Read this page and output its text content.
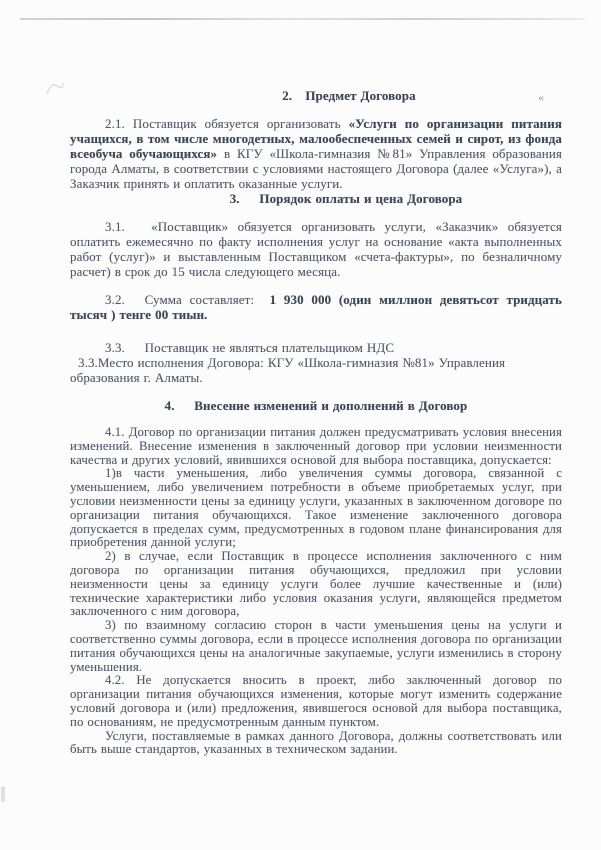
«
2. Предмет Договора

2.1. Поставщик обязуется организовать «Услуги по организации питания учащихся, в том числе многодетных, малообеспеченных семей и сирот, из фонда всеобуча обучающихся» в КГУ «Школа-гимназия №81» Управления образования города Алматы, в соответствии с условиями настоящего Договора (далее «Услуга»), а Заказчик принять и оплатить оказанные услуги.

3.  Порядок оплаты и цена Договора

3.1.  «Поставщик» обязуется организовать услуги, «Заказчик» обязуется оплатить ежемесячно по факту исполнения услуг на основание «акта выполненных работ (услуг)» и выставленным Поставщиком «счета-фактуры», по безналичному расчет) в срок до 15 числа следующего месяца.

3.2.  Сумма составляет:  1 930 000 (один миллион девятьсот тридцать тысяч ) тенге 00 тиын.

3.3.  Поставщик не являться плательщиком НДС

3.3.Место исполнения Договора: КГУ «Школа-гимназия №81» Управления образования г. Алматы.

4.  Внесение изменений и дополнений в Договор

4.1. Договор по организации питания должен предусматривать условия внесения изменений. Внесение изменения в заключенный договор при условии неизменности качества и других условий, явившихся основой для выбора поставщика, допускается:

1)в части уменьшения, либо увеличения суммы договора, связанной с уменьшением, либо увеличением потребности в объеме приобретаемых услуг, при условии неизменности цены за единицу услуги, указанных в заключенном договоре по организации питания обучающихся. Такое изменение заключенного договора допускается в пределах сумм, предусмотренных в годовом плане финансирования для приобретения данной услуги;

2) в случае, если Поставщик в процессе исполнения заключенного с ним договора по организации питания обучающихся, предложил при условии неизменности цены за единицу услуги более лучшие качественные и (или) технические характеристики либо условия оказания услуги, являющейся предметом заключенного с ним договора,

3) по взаимному согласию сторон в части уменьшения цены на услуги и соответственно суммы договора, если в процессе исполнения договора по организации питания обучающихся цены на аналогичные закупаемые, услуги изменились в сторону уменьшения.

4.2. Не допускается вносить в проект, либо заключенный договор по организации питания обучающихся изменения, которые могут изменить содержание условий договора и (или) предложения, явившегося основой для выбора поставщика, по основаниям, не предусмотренным данным пунктом.

Услуги, поставляемые в рамках данного Договора, должны соответствовать или быть выше стандартов, указанных в техническом задании.
